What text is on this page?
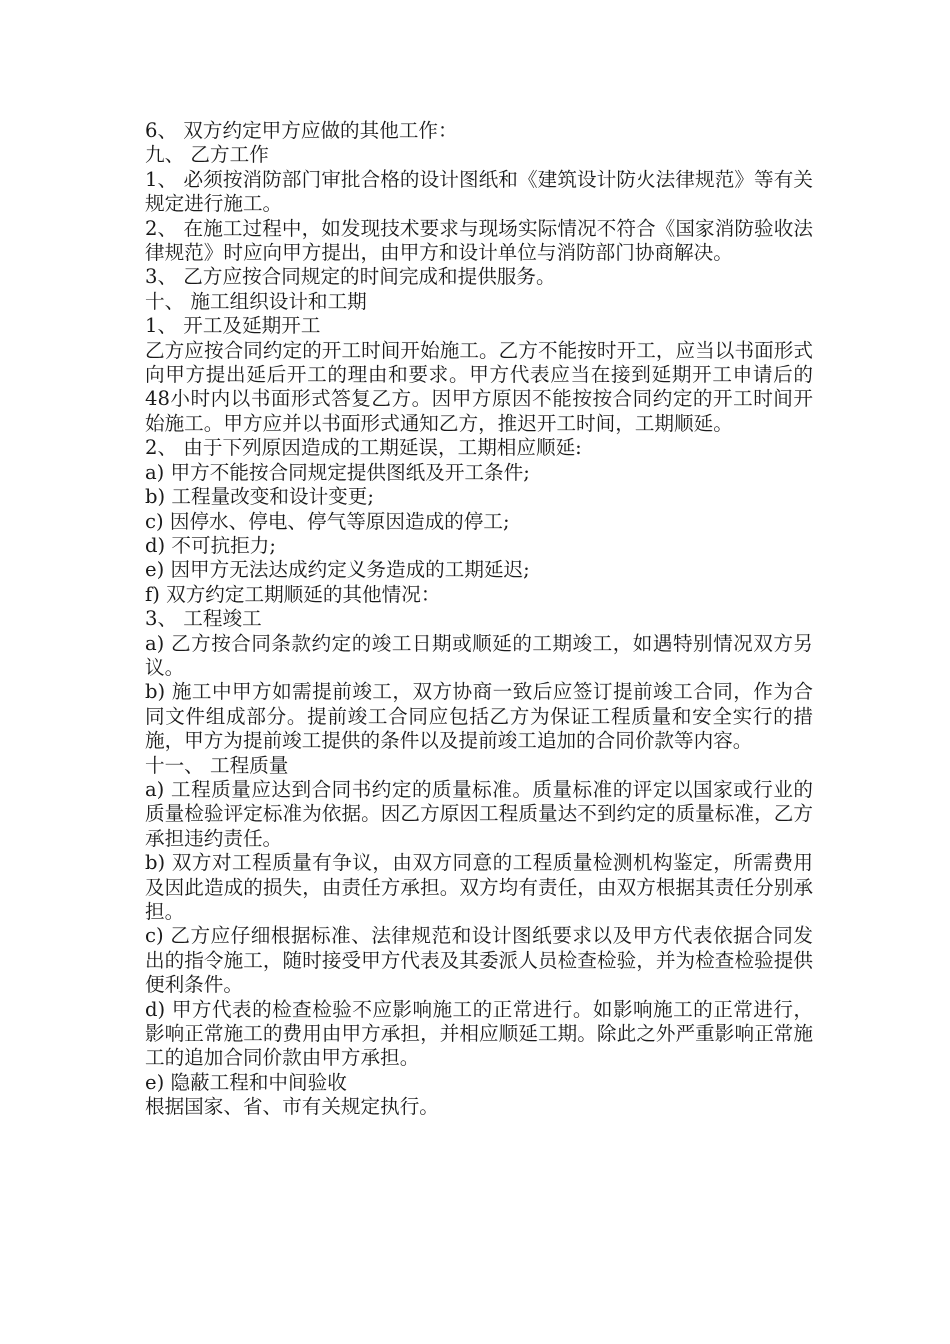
6、 双方约定甲方应做的其他工作：

九、 乙方工作

1、 必须按消防部门审批合格的设计图纸和《建筑设计防火法律规范》等有关规定进行施工。

2、 在施工过程中，如发现技术要求与现场实际情况不符合《国家消防验收法律规范》时应向甲方提出，由甲方和设计单位与消防部门协商解决。

3、 乙方应按合同规定的时间完成和提供服务。

十、 施工组织设计和工期

1、 开工及延期开工

乙方应按合同约定的开工时间开始施工。乙方不能按时开工，应当以书面形式向甲方提出延后开工的理由和要求。甲方代表应当在接到延期开工申请后的48小时内以书面形式答复乙方。因甲方原因不能按按合同约定的开工时间开始施工。甲方应并以书面形式通知乙方，推迟开工时间，工期顺延。

2、 由于下列原因造成的工期延误，工期相应顺延:

a) 甲方不能按合同规定提供图纸及开工条件;

b) 工程量改变和设计变更;

c) 因停水、停电、停气等原因造成的停工;

d) 不可抗拒力;

e) 因甲方无法达成约定义务造成的工期延迟;

f) 双方约定工期顺延的其他情况：

3、 工程竣工

a) 乙方按合同条款约定的竣工日期或顺延的工期竣工，如遇特别情况双方另议。

b) 施工中甲方如需提前竣工，双方协商一致后应签订提前竣工合同，作为合同文件组成部分。提前竣工合同应包括乙方为保证工程质量和安全实行的措施，甲方为提前竣工提供的条件以及提前竣工追加的合同价款等内容。

十一、 工程质量

a) 工程质量应达到合同书约定的质量标准。质量标准的评定以国家或行业的质量检验评定标准为依据。因乙方原因工程质量达不到约定的质量标准，乙方承担违约责任。

b) 双方对工程质量有争议，由双方同意的工程质量检测机构鉴定，所需费用及因此造成的损失，由责任方承担。双方均有责任，由双方根据其责任分别承担。

c) 乙方应仔细根据标准、法律规范和设计图纸要求以及甲方代表依据合同发出的指令施工，随时接受甲方代表及其委派人员检查检验，并为检查检验提供便利条件。

d) 甲方代表的检查检验不应影响施工的正常进行。如影响施工的正常进行，影响正常施工的费用由甲方承担，并相应顺延工期。除此之外严重影响正常施工的追加合同价款由甲方承担。

e) 隐蔽工程和中间验收

根据国家、省、市有关规定执行。
